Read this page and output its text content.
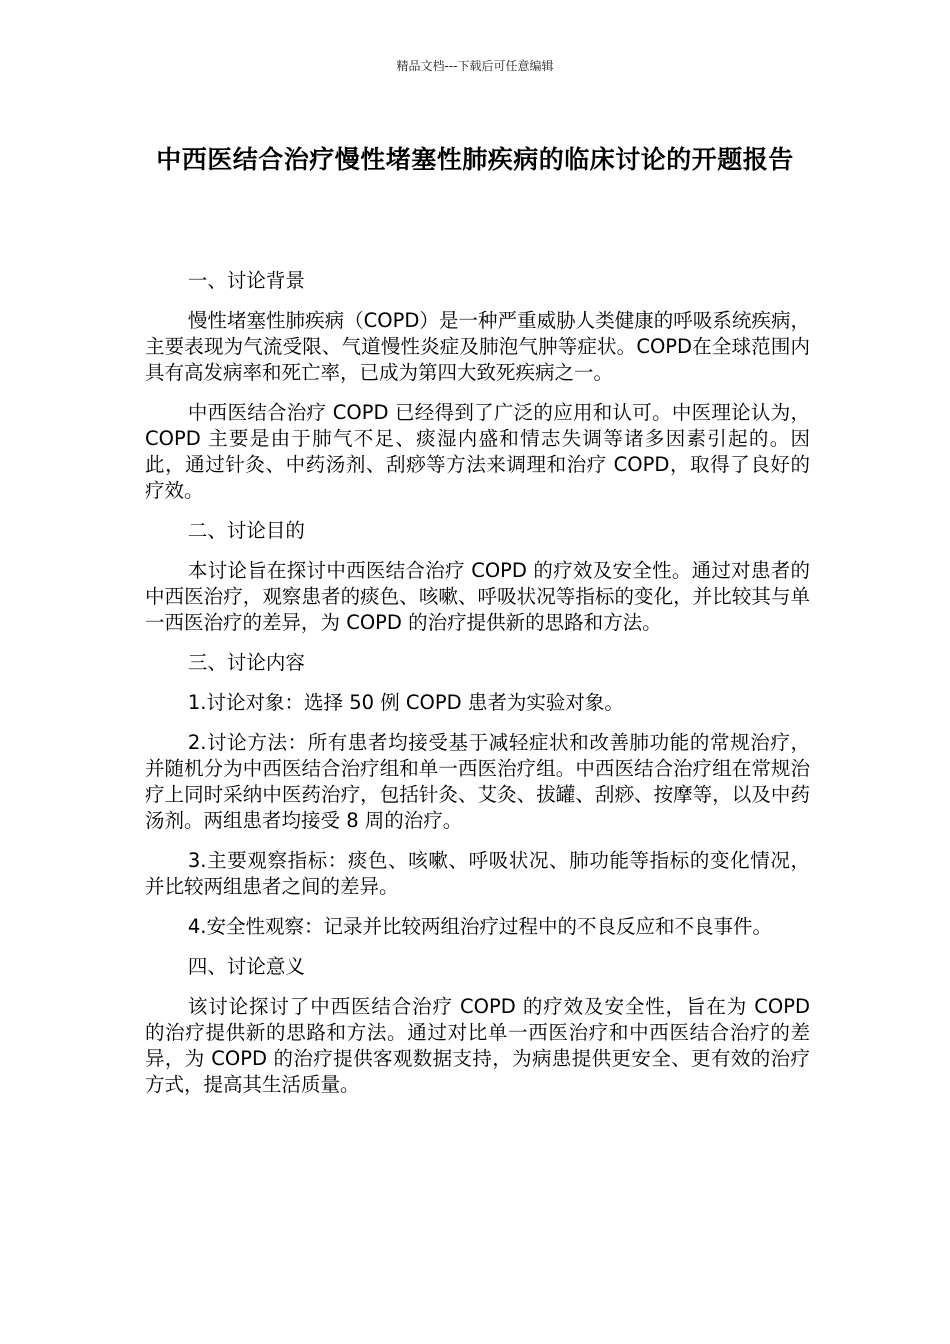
精品文档---下载后可任意编辑
中西医结合治疗慢性堵塞性肺疾病的临床讨论的开题报告

一、讨论背景

慢性堵塞性肺疾病（COPD）是一种严重威胁人类健康的呼吸系统疾病，主要表现为气流受限、气道慢性炎症及肺泡气肿等症状。COPD在全球范围内具有高发病率和死亡率，已成为第四大致死疾病之一。

中西医结合治疗 COPD 已经得到了广泛的应用和认可。中医理论认为，COPD 主要是由于肺气不足、痰湿内盛和情志失调等诸多因素引起的。因此，通过针灸、中药汤剂、刮痧等方法来调理和治疗 COPD，取得了良好的疗效。

二、讨论目的

本讨论旨在探讨中西医结合治疗 COPD 的疗效及安全性。通过对患者的中西医治疗，观察患者的痰色、咳嗽、呼吸状况等指标的变化，并比较其与单一西医治疗的差异，为 COPD 的治疗提供新的思路和方法。

三、讨论内容

1.讨论对象：选择 50 例 COPD 患者为实验对象。

2.讨论方法：所有患者均接受基于减轻症状和改善肺功能的常规治疗，并随机分为中西医结合治疗组和单一西医治疗组。中西医结合治疗组在常规治疗上同时采纳中医药治疗，包括针灸、艾灸、拔罐、刮痧、按摩等，以及中药汤剂。两组患者均接受 8 周的治疗。

3.主要观察指标：痰色、咳嗽、呼吸状况、肺功能等指标的变化情况，并比较两组患者之间的差异。

4.安全性观察：记录并比较两组治疗过程中的不良反应和不良事件。

四、讨论意义

该讨论探讨了中西医结合治疗 COPD 的疗效及安全性，旨在为 COPD 的治疗提供新的思路和方法。通过对比单一西医治疗和中西医结合治疗的差异，为 COPD 的治疗提供客观数据支持，为病患提供更安全、更有效的治疗方式，提高其生活质量。
